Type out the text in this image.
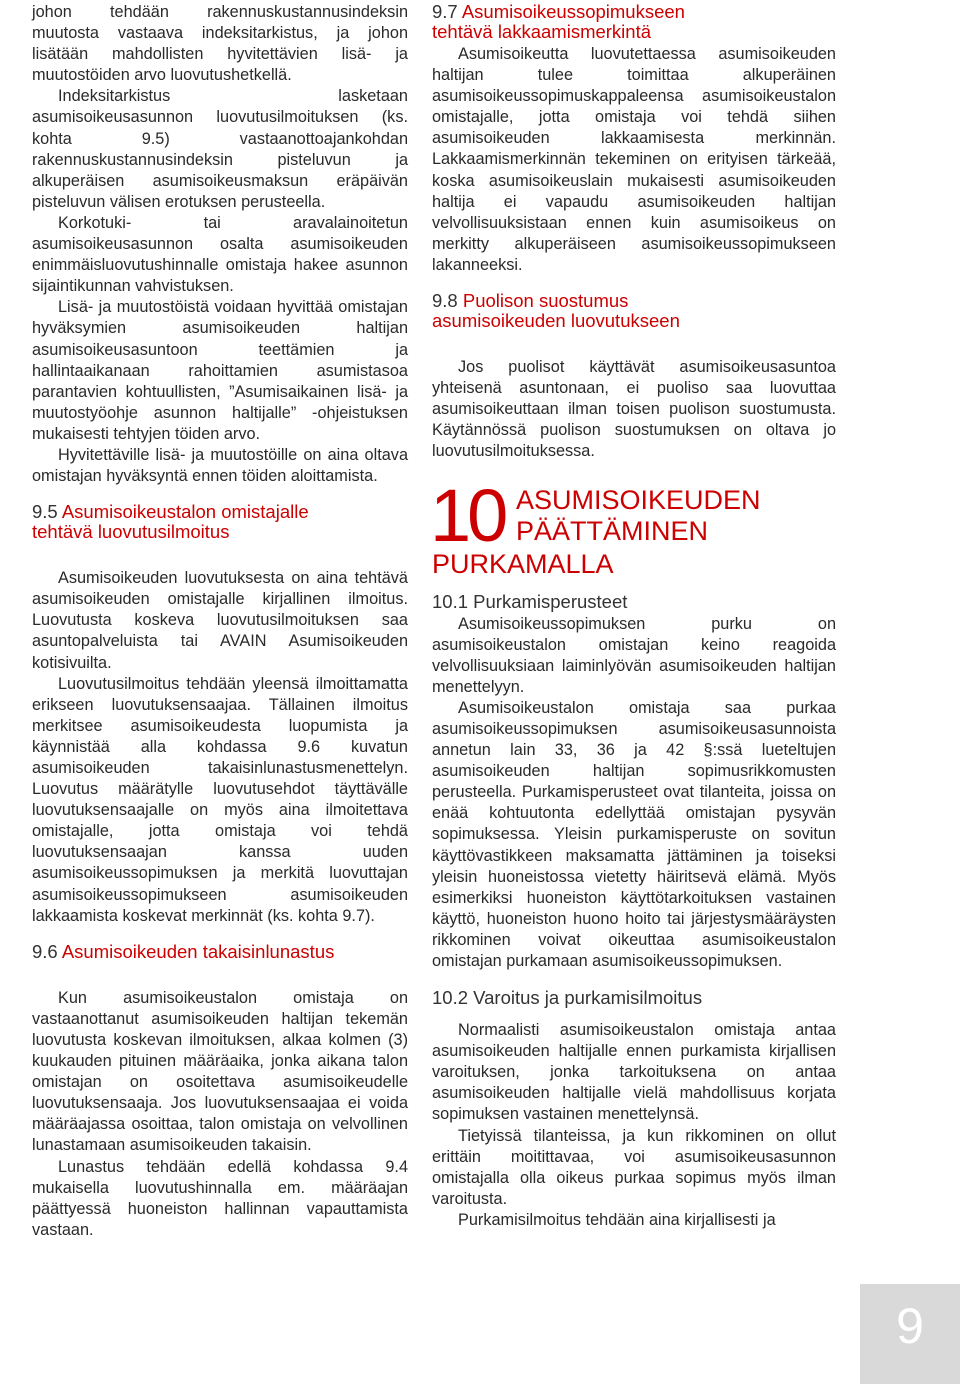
johon tehdään rakennuskustannusindeksin muutosta vastaava indeksitarkistus, ja johon lisätään mahdollisten hyvitettävien lisä- ja muutostöiden arvo luovutushetkellä.

Indeksitarkistus lasketaan asumisoikeusasunnon luovutusilmoituksen (ks. kohta 9.5) vastaanottoajankohdan rakennuskustannusindeksin pisteluvun ja alkuperäisen asumisoikeusmaksun eräpäivän pisteluvun välisen erotuksen perusteella.

Korkotuki- tai aravalainoitetun asumisoikeusasunnon osalta asumisoikeuden enimmäisluovutushinnalle omistaja hakee asunnon sijaintikunnan vahvistuksen.

Lisä- ja muutostöistä voidaan hyvittää omistajan hyväksymien asumisoikeuden haltijan asumisoikeusasuntoon teettämien ja hallintaaikanaan rahoittamien asumistasoa parantavien kohtuullisten, ”Asumisaikainen lisä- ja muutostyöohje asunnon haltijalle” -ohjeistuksen mukaisesti tehtyjen töiden arvo.

Hyvitettäville lisä- ja muutostöille on aina oltava omistajan hyväksyntä ennen töiden aloittamista.

9.5 Asumisoikeustalon omistajalle
tehtävä luovutusilmoitus

Asumisoikeuden luovutuksesta on aina tehtävä asumisoikeuden omistajalle kirjallinen ilmoitus. Luovutusta koskeva luovutusilmoituksen saa asuntopalveluista tai AVAIN Asumisoikeuden kotisivuilta.

Luovutusilmoitus tehdään yleensä ilmoittamatta erikseen luovutuksensaajaa. Tällainen ilmoitus merkitsee asumisoikeudesta luopumista ja käynnistää alla kohdassa 9.6 kuvatun asumisoikeuden takaisinlunastusmenettelyn. Luovutus määrätylle luovutusehdot täyttävälle luovutuksensaajalle on myös aina ilmoitettava omistajalle, jotta omistaja voi tehdä luovutuksensaajan kanssa uuden asumisoikeussopimuksen ja merkitä luovuttajan asumisoikeussopimukseen asumisoikeuden lakkaamista koskevat merkinnät (ks. kohta 9.7).

9.6 Asumisoikeuden takaisinlunastus

Kun asumisoikeustalon omistaja on vastaanottanut asumisoikeuden haltijan tekemän luovutusta koskevan ilmoituksen, alkaa kolmen (3) kuukauden pituinen määräaika, jonka aikana talon omistajan on osoitettava asumisoikeudelle luovutuksensaaja. Jos luovutuksensaajaa ei voida määräajassa osoittaa, talon omistaja on velvollinen lunastamaan asumisoikeuden takaisin.

Lunastus tehdään edellä kohdassa 9.4 mukaisella luovutushinnalla em. määräajan päättyessä huoneiston hallinnan vapauttamista vastaan.

9.7 Asumisoikeussopimukseen
tehtävä lakkaamismerkintä

Asumisoikeutta luovutettaessa asumisoikeuden haltijan tulee toimittaa alkuperäinen asumisoikeussopimuskappaleensa asumisoikeustalon omistajalle, jotta omistaja voi tehdä siihen asumisoikeuden lakkaamisesta merkinnän. Lakkaamismerkinnän tekeminen on erityisen tärkeää, koska asumisoikeuslain mukaisesti asumisoikeuden haltija ei vapaudu asumisoikeuden haltijan velvollisuuksistaan ennen kuin asumisoikeus on merkitty alkuperäiseen asumisoikeussopimukseen lakanneeksi.

9.8 Puolison suostumus
asumisoikeuden luovutukseen

Jos puolisot käyttävät asumisoikeusasuntoa yhteisenä asuntonaan, ei puoliso saa luovuttaa asumisoikeuttaan ilman toisen puolison suostumusta. Käytännössä puolison suostumuksen on oltava jo luovutusilmoituksessa.

10 ASUMISOIKEUDEN
PÄÄTTÄMINEN
PURKAMALLA
10.1 Purkamisperusteet

Asumisoikeussopimuksen purku on asumisoikeustalon omistajan keino reagoida velvollisuuksiaan laiminlyövän asumisoikeuden haltijan menettelyyn.

Asumisoikeustalon omistaja saa purkaa asumisoikeussopimuksen asumisoikeusasunnoista annetun lain 33, 36 ja 42 §:ssä lueteltujen asumisoikeuden haltijan sopimusrikkomusten perusteella. Purkamisperusteet ovat tilanteita, joissa on enää kohtuutonta edellyttää omistajan pysyvän sopimuksessa. Yleisin purkamisperuste on sovitun käyttövastikkeen maksamatta jättäminen ja toiseksi yleisin huoneistossa vietetty häiritsevä elämä. Myös esimerkiksi huoneiston käyttötarkoituksen vastainen käyttö, huoneiston huono hoito tai järjestysmääräysten rikkominen voivat oikeuttaa asumisoikeustalon omistajan purkamaan asumisoikeussopimuksen.

10.2 Varoitus ja purkamisilmoitus

Normaalisti asumisoikeustalon omistaja antaa asumisoikeuden haltijalle ennen purkamista kirjallisen varoituksen, jonka tarkoituksena on antaa asumisoikeuden haltijalle vielä mahdollisuus korjata sopimuksen vastainen menettelynsä.

Tietyissä tilanteissa, ja kun rikkominen on ollut erittäin moitittavaa, voi asumisoikeusasunnon omistajalla olla oikeus purkaa sopimus myös ilman varoitusta.

Purkamisilmoitus tehdään aina kirjallisesti ja

9
